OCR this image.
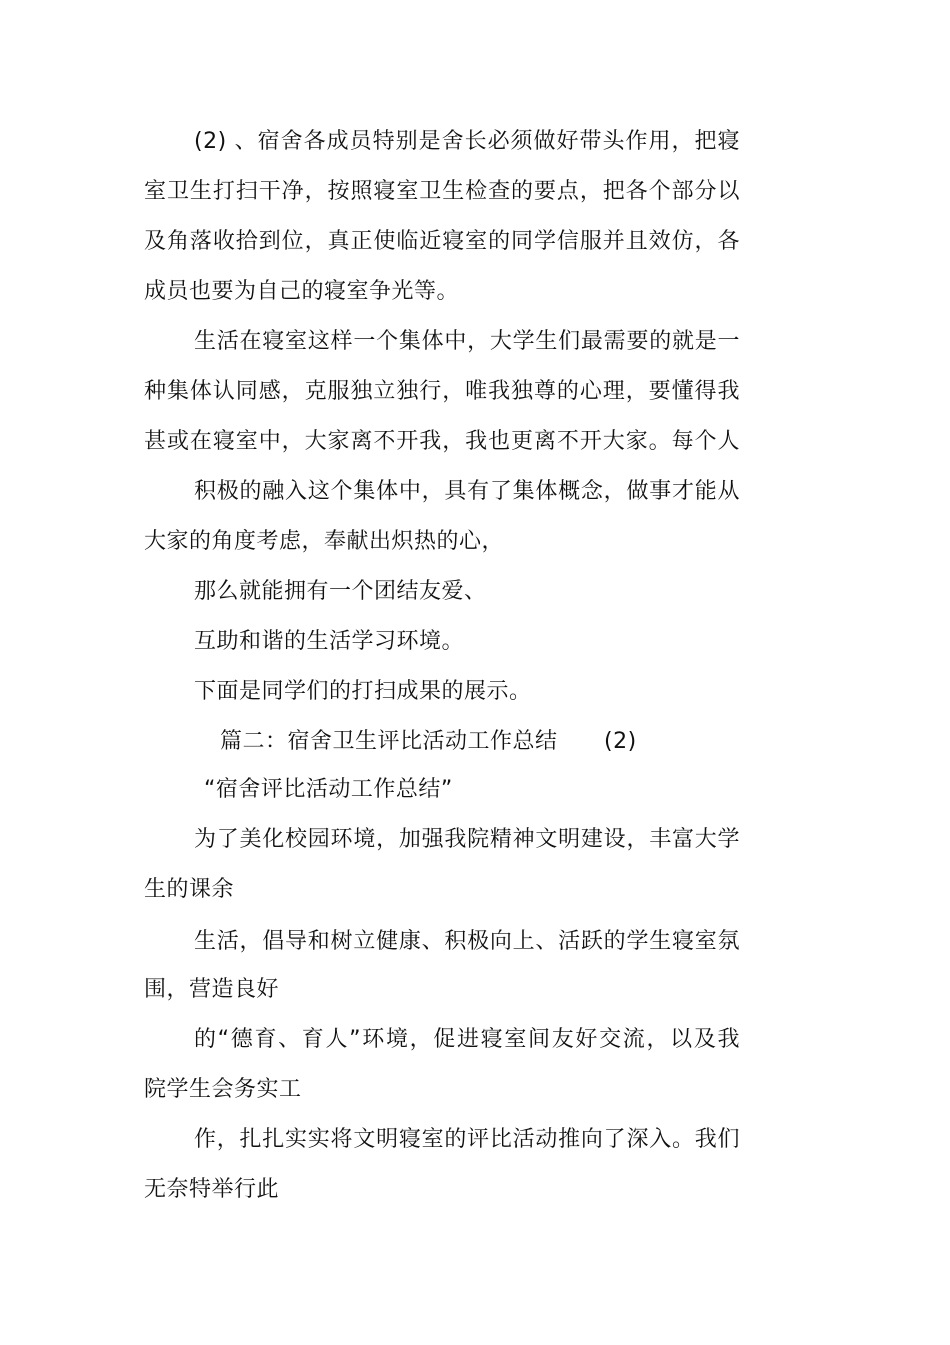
(2) 、宿舍各成员特别是舍长必须做好带头作用，把寝
室卫生打扫干净，按照寝室卫生检查的要点，把各个部分以
及角落收拾到位，真正使临近寝室的同学信服并且效仿，各
成员也要为自己的寝室争光等。
生活在寝室这样一个集体中，大学生们最需要的就是一
种集体认同感，克服独立独行，唯我独尊的心理，要懂得我
甚或在寝室中，大家离不开我，我也更离不开大家。每个人
积极的融入这个集体中，具有了集体概念，做事才能从
大家的角度考虑，奉献出炽热的心，
那么就能拥有一个团结友爱、
互助和谐的生活学习环境。
下面是同学们的打扫成果的展示。
篇二：宿舍卫生评比活动工作总结 (2)
“宿舍评比活动工作总结”
为了美化校园环境，加强我院精神文明建设，丰富大学
生的课余
生活，倡导和树立健康、积极向上、活跃的学生寝室氛
围，营造良好
的“德育、育人”环境，促进寝室间友好交流，以及我
院学生会务实工
作，扎扎实实将文明寝室的评比活动推向了深入。我们
无奈特举行此
